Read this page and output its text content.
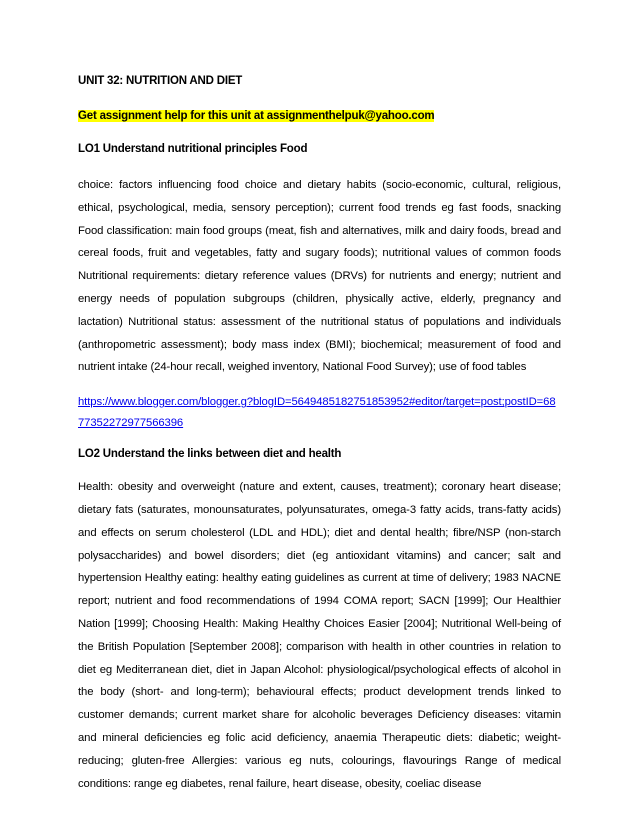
UNIT 32: NUTRITION AND DIET

Get assignment help for this unit at assignmenthelpuk@yahoo.com

LO1 Understand nutritional principles Food

choice: factors influencing food choice and dietary habits (socio-economic, cultural, religious, ethical, psychological, media, sensory perception); current food trends eg fast foods, snacking Food classification: main food groups (meat, fish and alternatives, milk and dairy foods, bread and cereal foods, fruit and vegetables, fatty and sugary foods); nutritional values of common foods Nutritional requirements: dietary reference values (DRVs) for nutrients and energy; nutrient and energy needs of population subgroups (children, physically active, elderly, pregnancy and lactation) Nutritional status: assessment of the nutritional status of populations and individuals (anthropometric assessment); body mass index (BMI); biochemical; measurement of food and nutrient intake (24-hour recall, weighed inventory, National Food Survey); use of food tables

https://www.blogger.com/blogger.g?blogID=5649485182751853952#editor/target=post;postID=6877352272977566396

LO2 Understand the links between diet and health

Health: obesity and overweight (nature and extent, causes, treatment); coronary heart disease; dietary fats (saturates, monounsaturates, polyunsaturates, omega-3 fatty acids, trans-fatty acids) and effects on serum cholesterol (LDL and HDL); diet and dental health; fibre/NSP (non-starch polysaccharides) and bowel disorders; diet (eg antioxidant vitamins) and cancer; salt and hypertension Healthy eating: healthy eating guidelines as current at time of delivery; 1983 NACNE report; nutrient and food recommendations of 1994 COMA report; SACN [1999]; Our Healthier Nation [1999]; Choosing Health: Making Healthy Choices Easier [2004]; Nutritional Well-being of the British Population [September 2008]; comparison with health in other countries in relation to diet eg Mediterranean diet, diet in Japan Alcohol: physiological/psychological effects of alcohol in the body (short- and long-term); behavioural effects; product development trends linked to customer demands; current market share for alcoholic beverages Deficiency diseases: vitamin and mineral deficiencies eg folic acid deficiency, anaemia Therapeutic diets: diabetic; weight-reducing; gluten-free Allergies: various eg nuts, colourings, flavourings Range of medical conditions: range eg diabetes, renal failure, heart disease, obesity, coeliac disease
